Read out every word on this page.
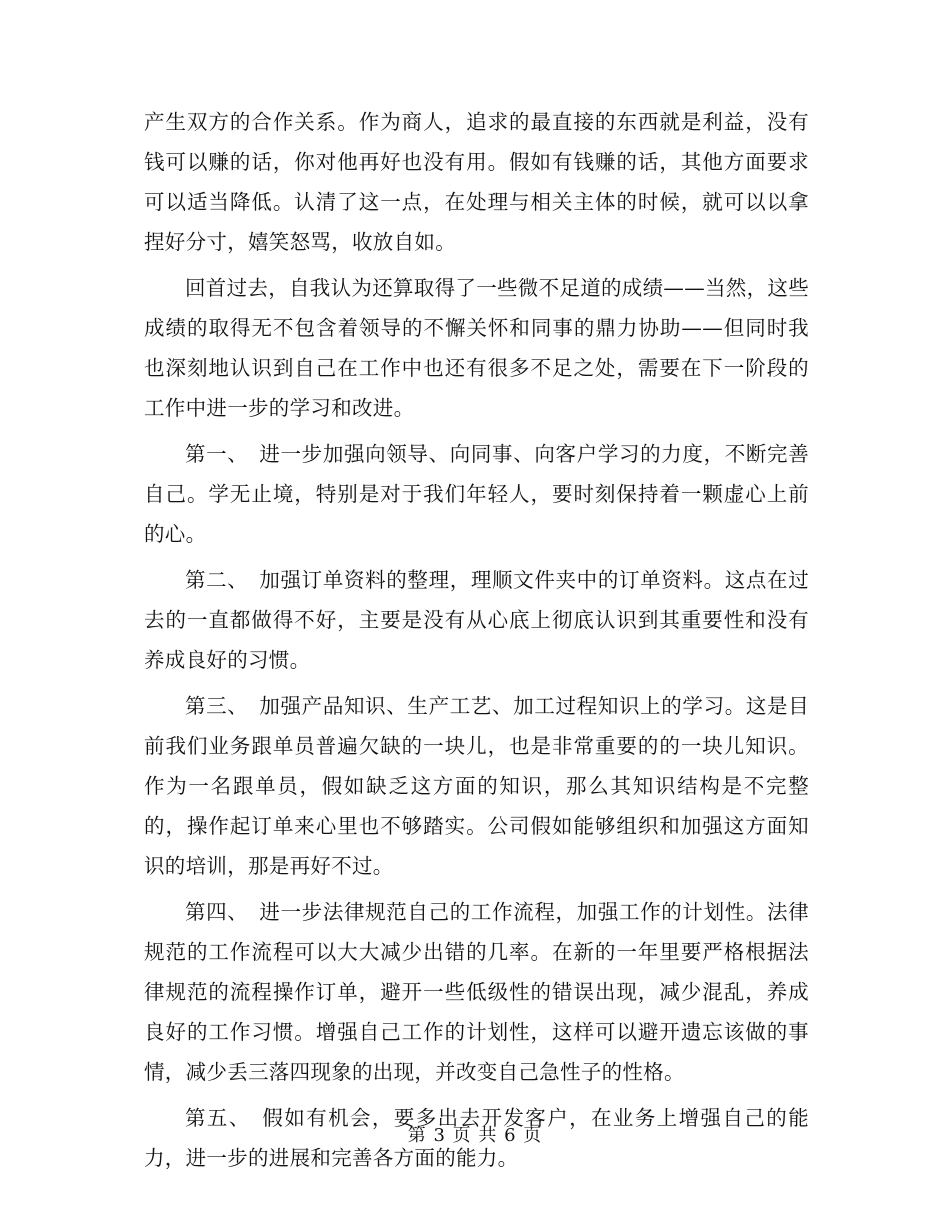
产生双方的合作关系。作为商人，追求的最直接的东西就是利益，没有钱可以赚的话，你对他再好也没有用。假如有钱赚的话，其他方面要求可以适当降低。认清了这一点，在处理与相关主体的时候，就可以以拿捏好分寸，嬉笑怒骂，收放自如。

回首过去，自我认为还算取得了一些微不足道的成绩——当然，这些成绩的取得无不包含着领导的不懈关怀和同事的鼎力协助——但同时我也深刻地认识到自己在工作中也还有很多不足之处，需要在下一阶段的工作中进一步的学习和改进。

第一、　进一步加强向领导、向同事、向客户学习的力度，不断完善自己。学无止境，特别是对于我们年轻人，要时刻保持着一颗虚心上前的心。

第二、　加强订单资料的整理，理顺文件夹中的订单资料。这点在过去的一直都做得不好，主要是没有从心底上彻底认识到其重要性和没有养成良好的习惯。

第三、　加强产品知识、生产工艺、加工过程知识上的学习。这是目前我们业务跟单员普遍欠缺的一块儿，也是非常重要的的一块儿知识。作为一名跟单员，假如缺乏这方面的知识，那么其知识结构是不完整的，操作起订单来心里也不够踏实。公司假如能够组织和加强这方面知识的培训，那是再好不过。

第四、　进一步法律规范自己的工作流程，加强工作的计划性。法律规范的工作流程可以大大减少出错的几率。在新的一年里要严格根据法律规范的流程操作订单，避开一些低级性的错误出现，减少混乱，养成良好的工作习惯。增强自己工作的计划性，这样可以避开遗忘该做的事情，减少丢三落四现象的出现，并改变自己急性子的性格。

第五、　假如有机会，要多出去开发客户，在业务上增强自己的能力，进一步的进展和完善各方面的能力。

第 3 页 共 6 页
